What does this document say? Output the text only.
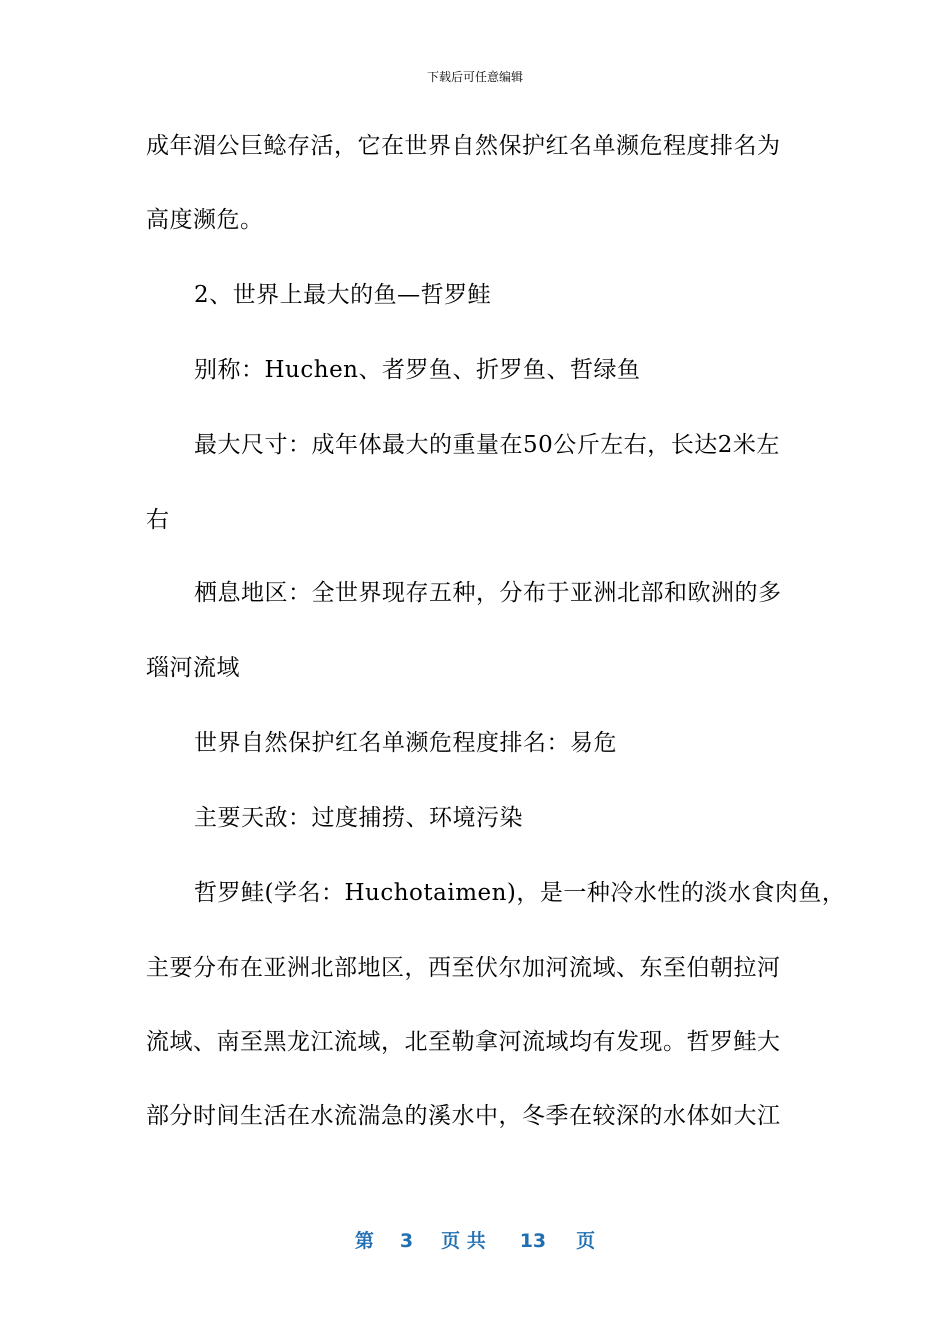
下载后可任意编辑
成年湄公巨鲶存活，它在世界自然保护红名单濒危程度排名为
高度濒危。
2、世界上最大的鱼—哲罗鲑
别称：Huchen、者罗鱼、折罗鱼、哲绿鱼
最大尺寸：成年体最大的重量在50公斤左右，长达2米左
右
栖息地区：全世界现存五种，分布于亚洲北部和欧洲的多
瑙河流域
世界自然保护红名单濒危程度排名：易危
主要天敌：过度捕捞、环境污染
哲罗鲑(学名：Huchotaimen)，是一种冷水性的淡水食肉鱼，
主要分布在亚洲北部地区，西至伏尔加河流域、东至伯朝拉河
流域、南至黑龙江流域，北至勒拿河流域均有发现。哲罗鲑大
部分时间生活在水流湍急的溪水中，冬季在较深的水体如大江
第 3 页 共 13 页
